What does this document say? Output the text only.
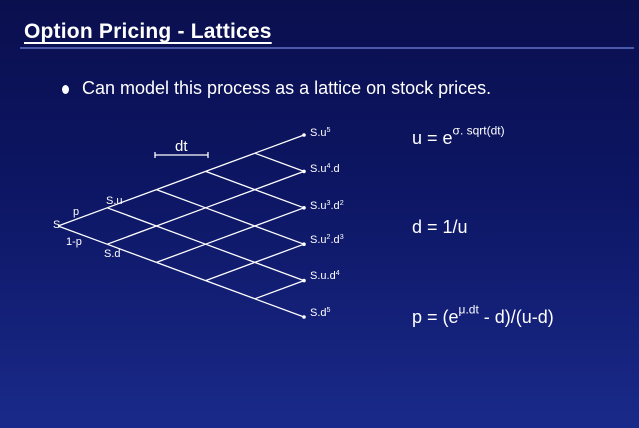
Option Pricing - Lattices
Can model this process as a lattice on stock prices.
dt
S
p
1-p
S.u
S.d
$S.u^5$
$S.u^4.d$
$S.u^3.d^2$
$S.u^2.d^3$
$S.u.d^4$
$S.d^5$
$u = e^{\sigma. sqrt(dt)}$
d = 1/u
$p = (e^{\mu.dt} - d)/(u-d)$
